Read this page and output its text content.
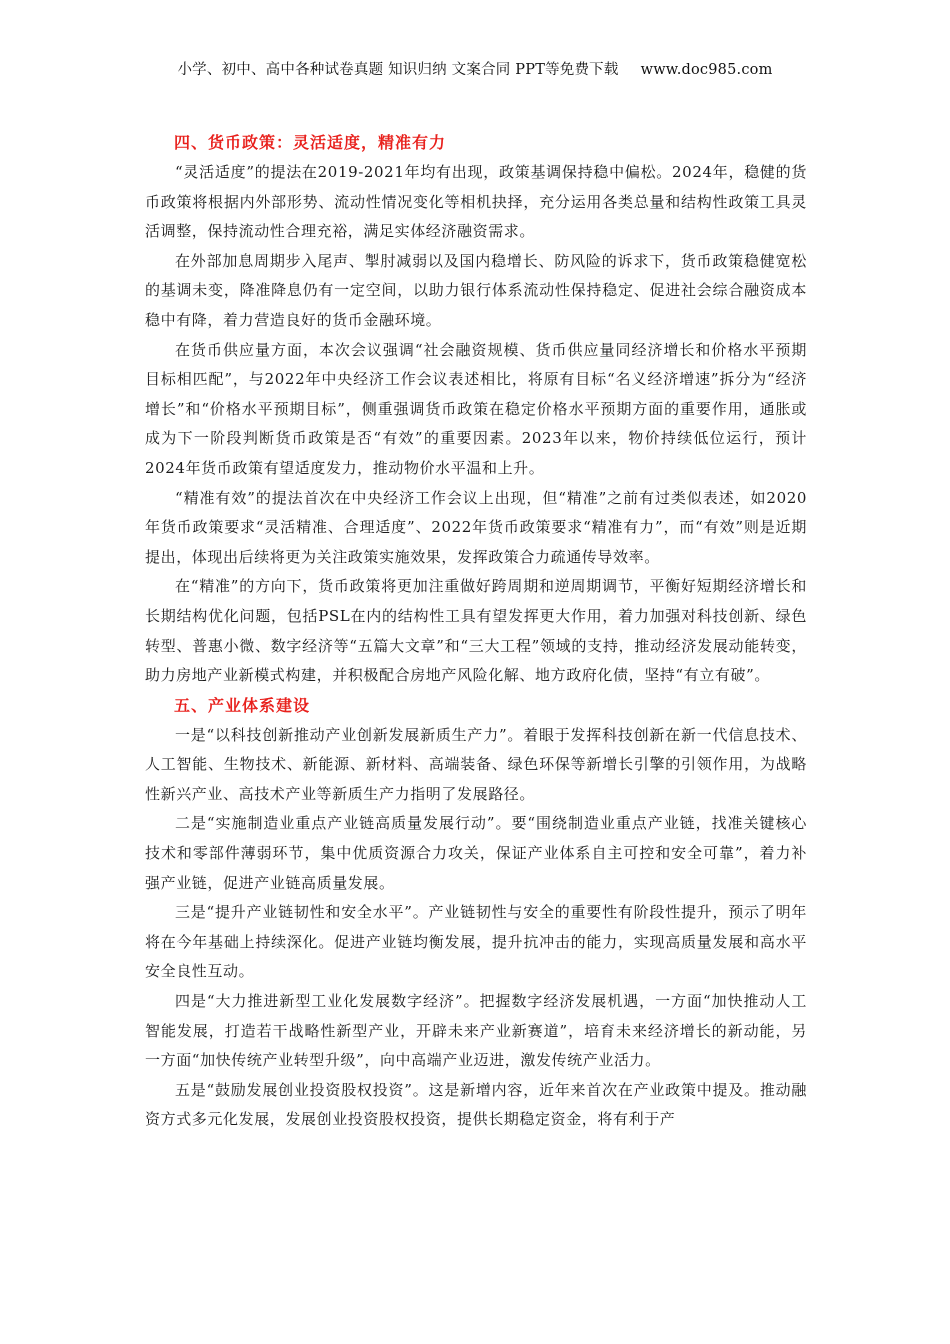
小学、初中、高中各种试卷真题 知识归纳 文案合同 PPT等免费下载 www.doc985.com
四、货币政策：灵活适度，精准有力

“灵活适度”的提法在2019-2021年均有出现，政策基调保持稳中偏松。2024年，稳健的货币政策将根据内外部形势、流动性情况变化等相机抉择，充分运用各类总量和结构性政策工具灵活调整，保持流动性合理充裕，满足实体经济融资需求。

在外部加息周期步入尾声、掣肘减弱以及国内稳增长、防风险的诉求下，货币政策稳健宽松的基调未变，降准降息仍有一定空间，以助力银行体系流动性保持稳定、促进社会综合融资成本稳中有降，着力营造良好的货币金融环境。

在货币供应量方面，本次会议强调“社会融资规模、货币供应量同经济增长和价格水平预期目标相匹配”，与2022年中央经济工作会议表述相比，将原有目标“名义经济增速”拆分为“经济增长”和“价格水平预期目标”，侧重强调货币政策在稳定价格水平预期方面的重要作用，通胀或成为下一阶段判断货币政策是否“有效”的重要因素。2023年以来，物价持续低位运行，预计2024年货币政策有望适度发力，推动物价水平温和上升。

“精准有效”的提法首次在中央经济工作会议上出现，但“精准”之前有过类似表述，如2020年货币政策要求“灵活精准、合理适度”、2022年货币政策要求“精准有力”，而“有效”则是近期提出，体现出后续将更为关注政策实施效果，发挥政策合力疏通传导效率。

在“精准”的方向下，货币政策将更加注重做好跨周期和逆周期调节，平衡好短期经济增长和长期结构优化问题，包括PSL在内的结构性工具有望发挥更大作用，着力加强对科技创新、绿色转型、普惠小微、数字经济等“五篇大文章”和“三大工程”领域的支持，推动经济发展动能转变，助力房地产业新模式构建，并积极配合房地产风险化解、地方政府化债，坚持“有立有破”。

五、产业体系建设

一是“以科技创新推动产业创新发展新质生产力”。着眼于发挥科技创新在新一代信息技术、人工智能、生物技术、新能源、新材料、高端装备、绿色环保等新增长引擎的引领作用，为战略性新兴产业、高技术产业等新质生产力指明了发展路径。

二是“实施制造业重点产业链高质量发展行动”。要“围绕制造业重点产业链，找准关键核心技术和零部件薄弱环节，集中优质资源合力攻关，保证产业体系自主可控和安全可靠”，着力补强产业链，促进产业链高质量发展。

三是“提升产业链韧性和安全水平”。产业链韧性与安全的重要性有阶段性提升，预示了明年将在今年基础上持续深化。促进产业链均衡发展，提升抗冲击的能力，实现高质量发展和高水平安全良性互动。

四是“大力推进新型工业化发展数字经济”。把握数字经济发展机遇，一方面“加快推动人工智能发展，打造若干战略性新型产业，开辟未来产业新赛道”，培育未来经济增长的新动能，另一方面“加快传统产业转型升级”，向中高端产业迈进，激发传统产业活力。

五是“鼓励发展创业投资股权投资”。这是新增内容，近年来首次在产业政策中提及。推动融资方式多元化发展，发展创业投资股权投资，提供长期稳定资金，将有利于产
